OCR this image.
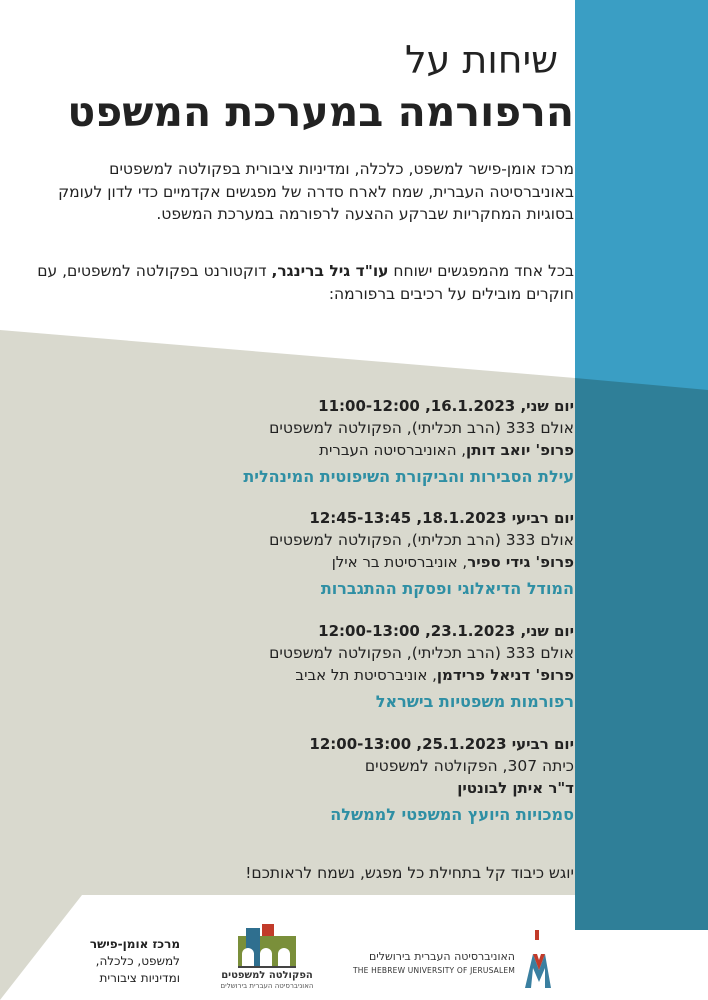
שיחות על
הרפורמה במערכת המשפט
מרכז אומן-פישר למשפט, כלכלה, ומדיניות ציבורית בפקולטה למשפטים באוניברסיטה העברית, שמח לארח סדרה של מפגשים אקדמיים כדי לדון לעומק בסוגיות המחקריות שברקע ההצעה לרפורמה במערכת המשפט.
בכל אחד מהמפגשים ישוחח עו"ד גיל ברינגר, דוקטורנט בפקולטה למשפטים, עם חוקרים מובילים על רכיבים ברפורמה:
יום שני, 16.1.2023, 11:00-12:00
אולם 333 (הרב תכליתי), הפקולטה למשפטים
פרופ' יואב דותן, האוניברסיטה העברית
עילת הסבירות והביקורת השיפוטית המינהלית
יום רביעי 18.1.2023, 12:45-13:45
אולם 333 (הרב תכליתי), הפקולטה למשפטים
פרופ' גידי ספיר, אוניברסיטת בר אילן
המודל הדיאלוגי ופסקת ההתגברות
יום שני, 23.1.2023, 12:00-13:00
אולם 333 (הרב תכליתי), הפקולטה למשפטים
פרופ' דניאל פרידמן, אוניברסיטת תל אביב
רפורמות משפטיות בישראל
יום רביעי 25.1.2023, 12:00-13:00
כיתה 307, הפקולטה למשפטים
ד"ר איתן לבונטין
סמכויות היועץ המשפטי לממשלה
יוגש כיבוד קל בתחילת כל מפגש, נשמח לראותכם!
מרכז אומן-פישר
למשפט, כלכלה,
ומדיניות ציבורית	הפקולטה למשפטים
האוניברסיטה העברית בירושלים
האוניברסיטה העברית בירושלים
THE HEBREW UNIVERSITY OF JERUSALEM
